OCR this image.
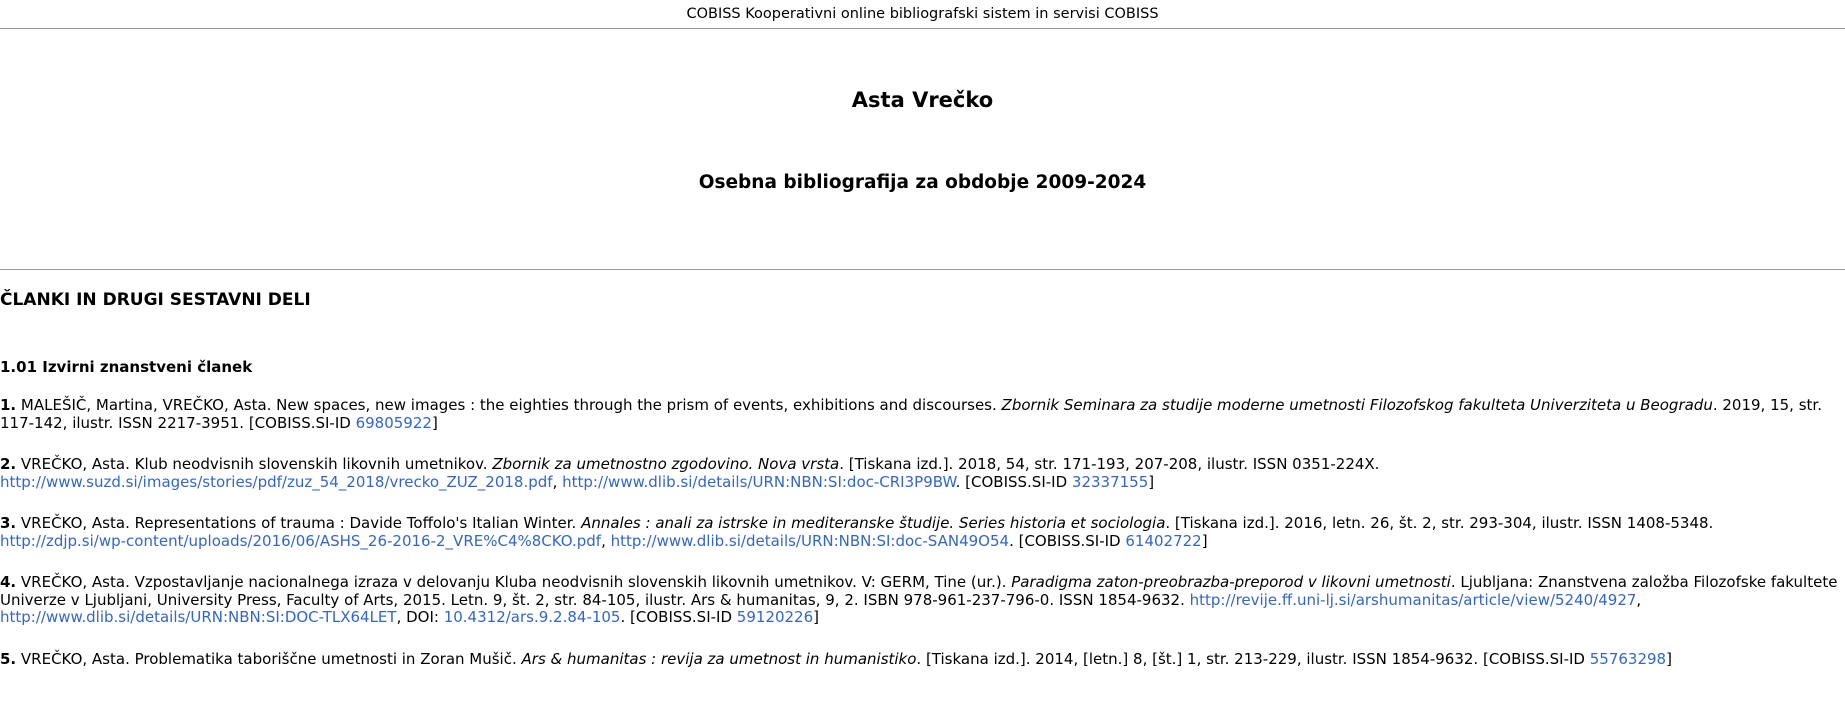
COBISS Kooperativni online bibliografski sistem in servisi COBISS
Asta Vrečko
Osebna bibliografija za obdobje 2009-2024
ČLANKI IN DRUGI SESTAVNI DELI
1.01 Izvirni znanstveni članek
1. MALEŠIČ, Martina, VREČKO, Asta. New spaces, new images : the eighties through the prism of events, exhibitions and discourses. Zbornik Seminara za studije moderne umetnosti Filozofskog fakulteta Univerziteta u Beogradu. 2019, 15, str. 117-142, ilustr. ISSN 2217-3951. [COBISS.SI-ID 69805922]
2. VREČKO, Asta. Klub neodvisnih slovenskih likovnih umetnikov. Zbornik za umetnostno zgodovino. Nova vrsta. [Tiskana izd.]. 2018, 54, str. 171-193, 207-208, ilustr. ISSN 0351-224X. http://www.suzd.si/images/stories/pdf/zuz_54_2018/vrecko_ZUZ_2018.pdf, http://www.dlib.si/details/URN:NBN:SI:doc-CRI3P9BW. [COBISS.SI-ID 32337155]
3. VREČKO, Asta. Representations of trauma : Davide Toffolo's Italian Winter. Annales : anali za istrske in mediteranske študije. Series historia et sociologia. [Tiskana izd.]. 2016, letn. 26, št. 2, str. 293-304, ilustr. ISSN 1408-5348. http://zdjp.si/wp-content/uploads/2016/06/ASHS_26-2016-2_VRE%C4%8CKO.pdf, http://www.dlib.si/details/URN:NBN:SI:doc-SAN49O54. [COBISS.SI-ID 61402722]
4. VREČKO, Asta. Vzpostavljanje nacionalnega izraza v delovanju Kluba neodvisnih slovenskih likovnih umetnikov. V: GERM, Tine (ur.). Paradigma zaton-preobrazba-preporod v likovni umetnosti. Ljubljana: Znanstvena založba Filozofske fakultete Univerze v Ljubljani, University Press, Faculty of Arts, 2015. Letn. 9, št. 2, str. 84-105, ilustr. Ars & humanitas, 9, 2. ISBN 978-961-237-796-0. ISSN 1854-9632. http://revije.ff.uni-lj.si/arshumanitas/article/view/5240/4927, http://www.dlib.si/details/URN:NBN:SI:DOC-TLX64LET, DOI: 10.4312/ars.9.2.84-105. [COBISS.SI-ID 59120226]
5. VREČKO, Asta. Problematika taboriščne umetnosti in Zoran Mušič. Ars & humanitas : revija za umetnost in humanistiko. [Tiskana izd.]. 2014, [letn.] 8, [št.] 1, str. 213-229, ilustr. ISSN 1854-9632. [COBISS.SI-ID 55763298]
